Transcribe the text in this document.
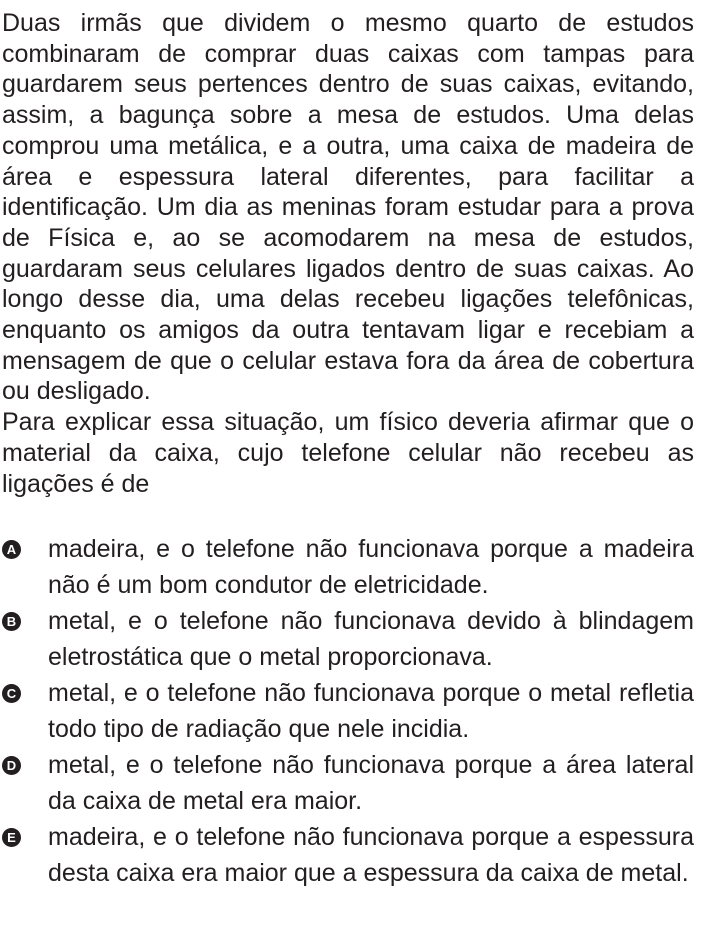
Duas irmãs que dividem o mesmo quarto de estudos combinaram de comprar duas caixas com tampas para guardarem seus pertences dentro de suas caixas, evitando, assim, a bagunça sobre a mesa de estudos. Uma delas comprou uma metálica, e a outra, uma caixa de madeira de área e espessura lateral diferentes, para facilitar a identificação. Um dia as meninas foram estudar para a prova de Física e, ao se acomodarem na mesa de estudos, guardaram seus celulares ligados dentro de suas caixas. Ao longo desse dia, uma delas recebeu ligações telefônicas, enquanto os amigos da outra tentavam ligar e recebiam a mensagem de que o celular estava fora da área de cobertura ou desligado.

Para explicar essa situação, um físico deveria afirmar que o material da caixa, cujo telefone celular não recebeu as ligações é de

A madeira, e o telefone não funcionava porque a madeira não é um bom condutor de eletricidade.
B metal, e o telefone não funcionava devido à blindagem eletrostática que o metal proporcionava.
C metal, e o telefone não funcionava porque o metal refletia todo tipo de radiação que nele incidia.
D metal, e o telefone não funcionava porque a área lateral da caixa de metal era maior.
E madeira, e o telefone não funcionava porque a espessura desta caixa era maior que a espessura da caixa de metal.
